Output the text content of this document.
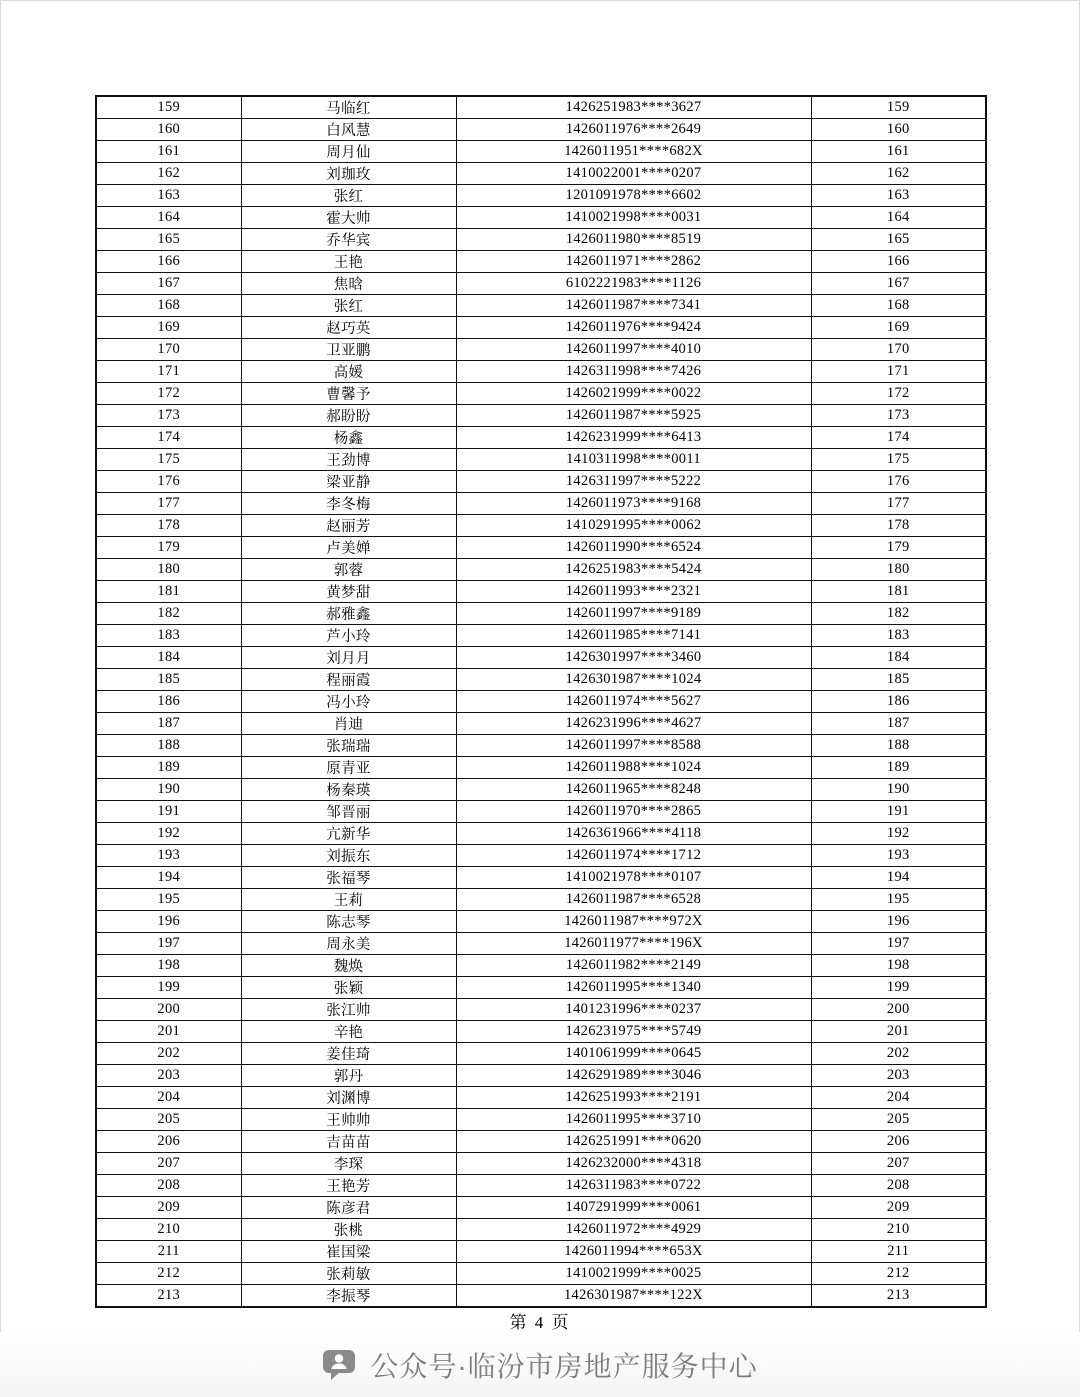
159	马临红	1426251983****3627	159
160	白风慧	1426011976****2649	160
161	周月仙	1426011951****682X	161
162	刘珈玫	1410022001****0207	162
163	张红	1201091978****6602	163
164	霍大帅	1410021998****0031	164
165	乔华宾	1426011980****8519	165
166	王艳	1426011971****2862	166
167	焦晗	6102221983****1126	167
168	张红	1426011987****7341	168
169	赵巧英	1426011976****9424	169
170	卫亚鹏	1426011997****4010	170
171	高媛	1426311998****7426	171
172	曹馨予	1426021999****0022	172
173	郝盼盼	1426011987****5925	173
174	杨鑫	1426231999****6413	174
175	王劲博	1410311998****0011	175
176	梁亚静	1426311997****5222	176
177	李冬梅	1426011973****9168	177
178	赵丽芳	1410291995****0062	178
179	卢美婵	1426011990****6524	179
180	郭蓉	1426251983****5424	180
181	黄梦甜	1426011993****2321	181
182	郝雅鑫	1426011997****9189	182
183	芦小玲	1426011985****7141	183
184	刘月月	1426301997****3460	184
185	程丽霞	1426301987****1024	185
186	冯小玲	1426011974****5627	186
187	肖迪	1426231996****4627	187
188	张瑞瑞	1426011997****8588	188
189	原青亚	1426011988****1024	189
190	杨秦瑛	1426011965****8248	190
191	邹晋丽	1426011970****2865	191
192	亢新华	1426361966****4118	192
193	刘振东	1426011974****1712	193
194	张福琴	1410021978****0107	194
195	王莉	1426011987****6528	195
196	陈志琴	1426011987****972X	196
197	周永美	1426011977****196X	197
198	魏焕	1426011982****2149	198
199	张颖	1426011995****1340	199
200	张江帅	1401231996****0237	200
201	辛艳	1426231975****5749	201
202	姜佳琦	1401061999****0645	202
203	郭丹	1426291989****3046	203
204	刘渊博	1426251993****2191	204
205	王帅帅	1426011995****3710	205
206	吉苗苗	1426251991****0620	206
207	李琛	1426232000****4318	207
208	王艳芳	1426311983****0722	208
209	陈彦君	1407291999****0061	209
210	张桃	1426011972****4929	210
211	崔国梁	1426011994****653X	211
212	张莉敏	1410021999****0025	212
213	李振琴	1426301987****122X	213
第 4 页
公众号·临汾市房地产服务中心
